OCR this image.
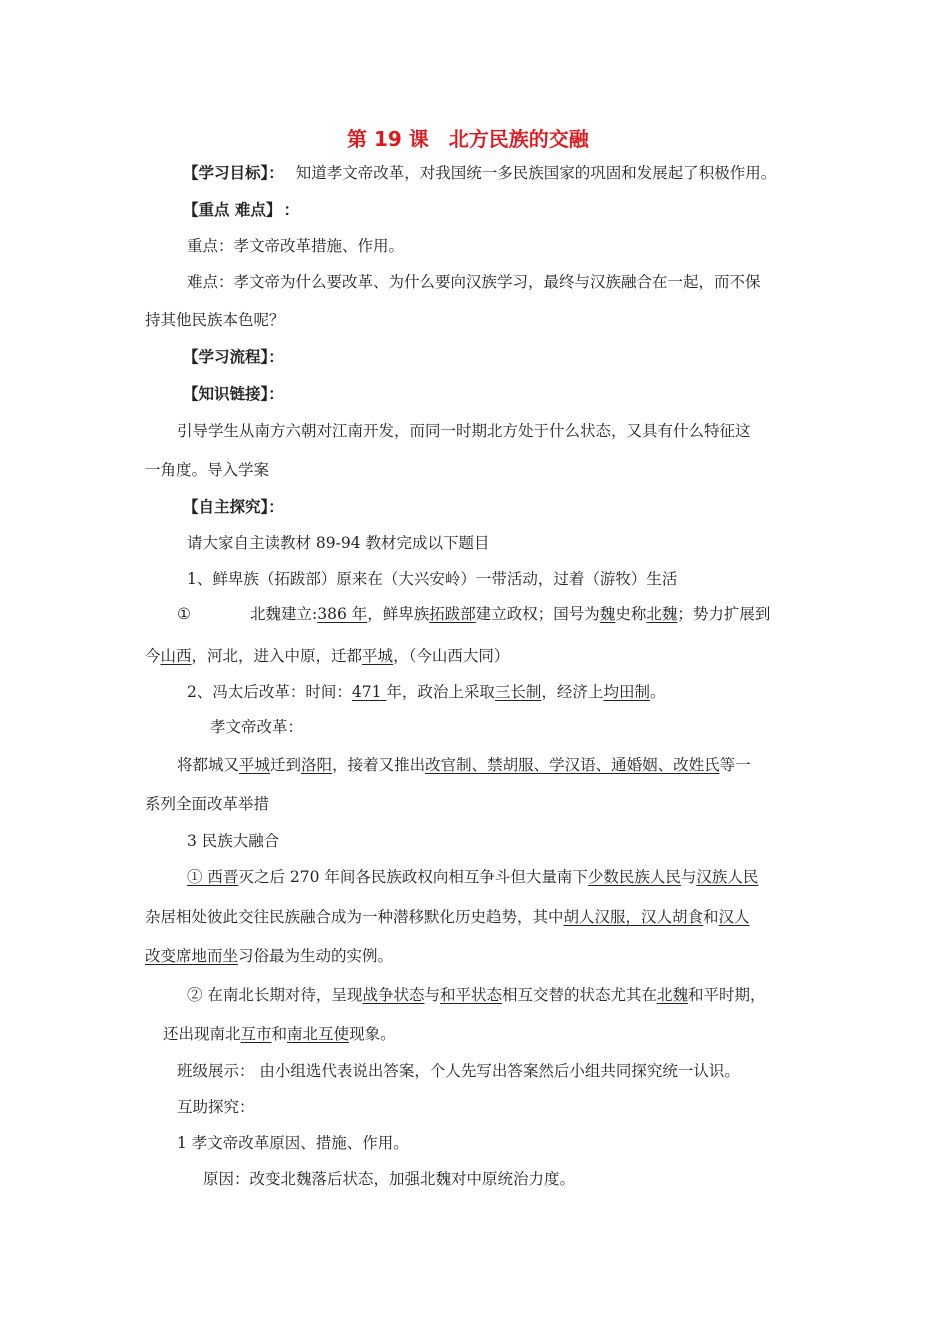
第 19 课　北方民族的交融
【学习目标】： 知道孝文帝改革，对我国统一多民族国家的巩固和发展起了积极作用。
【重点 难点】 ：
重点：孝文帝改革措施、作用。
难点：孝文帝为什么要改革、为什么要向汉族学习，最终与汉族融合在一起，而不保
持其他民族本色呢？
【学习流程】：
【知识链接】：
引导学生从南方六朝对江南开发，而同一时期北方处于什么状态，又具有什么特征这
一角度。导入学案
【自主探究】：
请大家自主读教材 89-94 教材完成以下题目
1、鲜卑族（拓跋部）原来在（大兴安岭）一带活动，过着（游牧）生活
①	北魏建立:386 年，鲜卑族拓跋部建立政权；国号为魏史称北魏；势力扩展到
今山西，河北，进入中原，迁都平城，（今山西大同）
2、冯太后改革：时间：471 年，政治上采取三长制，经济上均田制。
孝文帝改革：
将都城又平城迁到洛阳，接着又推出改官制、禁胡服、学汉语、通婚姻、改姓氏等一
系列全面改革举措
3 民族大融合
① 西晋灭之后 270 年间各民族政权向相互争斗但大量南下少数民族人民与汉族人民
杂居相处彼此交往民族融合成为一种潜移默化历史趋势，其中胡人汉服，汉人胡食和汉人
改变席地而坐习俗最为生动的实例。
② 在南北长期对待，呈现战争状态与和平状态相互交替的状态尤其在北魏和平时期，
还出现南北互市和南北互使现象。
班级展示： 由小组选代表说出答案，个人先写出答案然后小组共同探究统一认识。
互助探究：
1 孝文帝改革原因、措施、作用。
原因：改变北魏落后状态，加强北魏对中原统治力度。
